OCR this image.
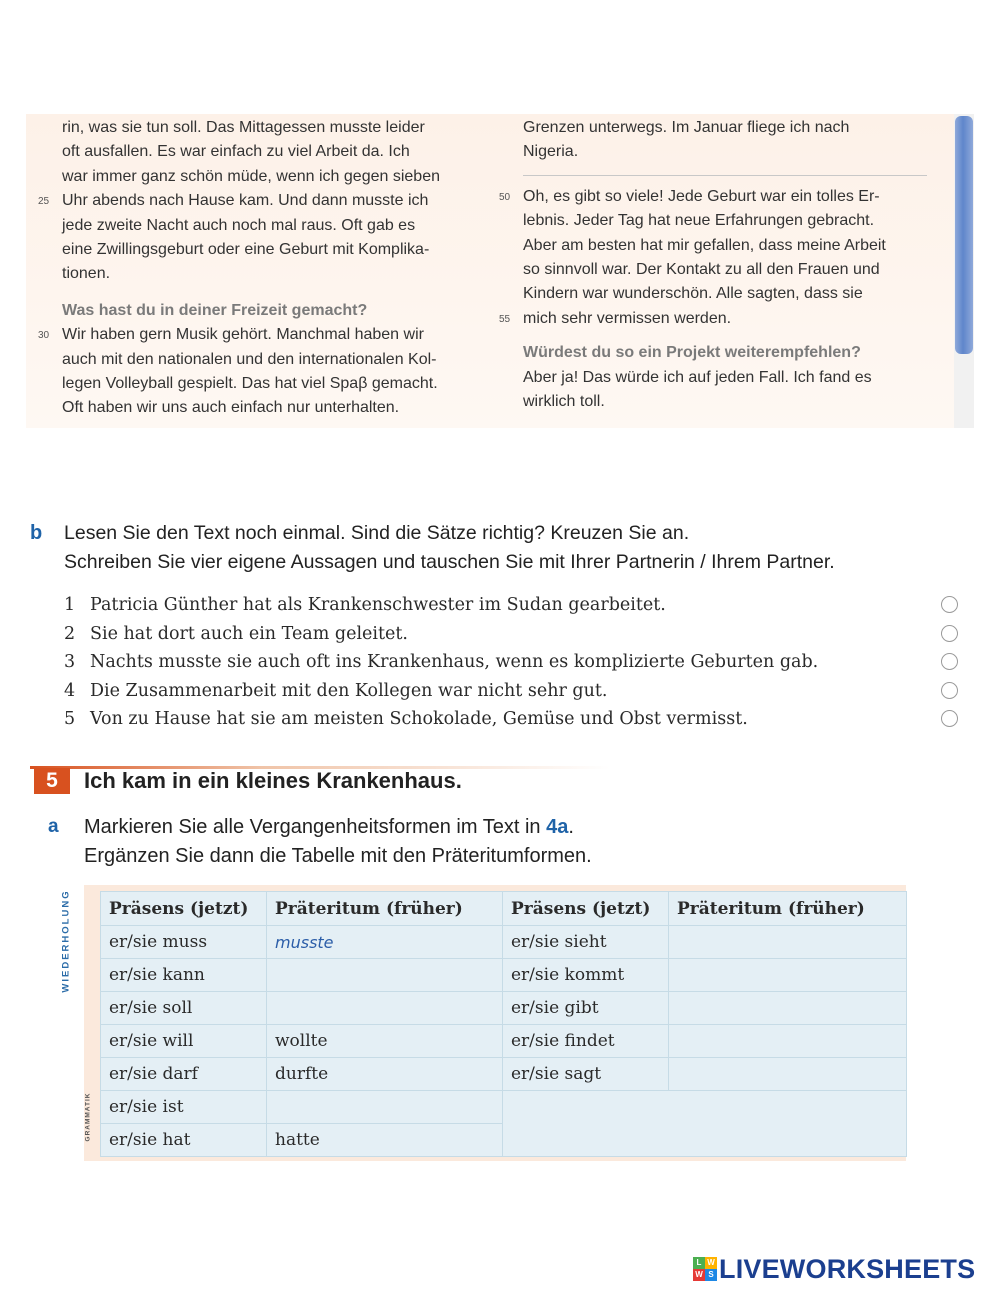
rin, was sie tun soll. Das Mittagessen musste leider
oft ausfallen. Es war einfach zu viel Arbeit da. Ich
war immer ganz schön müde, wenn ich gegen sieben
25 Uhr abends nach Hause kam. Und dann musste ich
jede zweite Nacht auch noch mal raus. Oft gab es
eine Zwillingsgeburt oder eine Geburt mit Komplika-
tionen.
Was hast du in deiner Freizeit gemacht?
30 Wir haben gern Musik gehört. Manchmal haben wir
auch mit den nationalen und den internationalen Kol-
legen Volleyball gespielt. Das hat viel Spaβ gemacht.
Oft haben wir uns auch einfach nur unterhalten.
Grenzen unterwegs. Im Januar fliege ich nach
Nigeria.
50 Oh, es gibt so viele! Jede Geburt war ein tolles Er-
lebnis. Jeder Tag hat neue Erfahrungen gebracht.
Aber am besten hat mir gefallen, dass meine Arbeit
so sinnvoll war. Der Kontakt zu all den Frauen und
Kindern war wunderschön. Alle sagten, dass sie
55 mich sehr vermissen werden.
Würdest du so ein Projekt weiterempfehlen?
Aber ja! Das würde ich auf jeden Fall. Ich fand es
wirklich toll.
b Lesen Sie den Text noch einmal. Sind die Sätze richtig? Kreuzen Sie an.
Schreiben Sie vier eigene Aussagen und tauschen Sie mit Ihrer Partnerin / Ihrem Partner.
1 Patricia Günther hat als Krankenschwester im Sudan gearbeitet.
2 Sie hat dort auch ein Team geleitet.
3 Nachts musste sie auch oft ins Krankenhaus, wenn es komplizierte Geburten gab.
4 Die Zusammenarbeit mit den Kollegen war nicht sehr gut.
5 Von zu Hause hat sie am meisten Schokolade, Gemüse und Obst vermisst.
5	Ich kam in ein kleines Krankenhaus.
a Markieren Sie alle Vergangenheitsformen im Text in 4a.
Ergänzen Sie dann die Tabelle mit den Präteritumformen.
WIEDERHOLUNG
GRAMMATIK
Präsens (jetzt)	Präteritum (früher)	Präsens (jetzt)	Präteritum (früher)
er/sie muss	musste	er/sie sieht	
er/sie kann		er/sie kommt	
er/sie soll		er/sie gibt	
er/sie will	wollte	er/sie findet	
er/sie darf	durfte	er/sie sagt	
er/sie ist			
er/sie hat	hatte		
L W
W S LIVEWORKSHEETS
